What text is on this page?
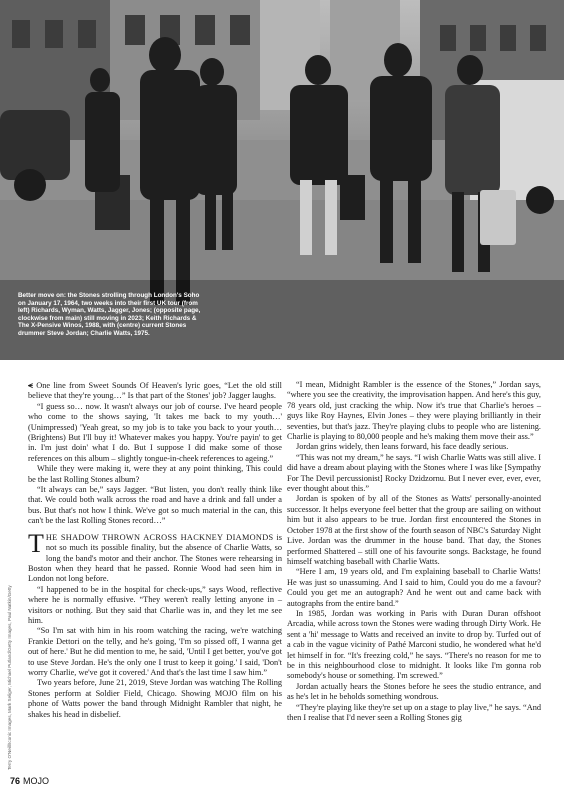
Better move on: the Stones strolling through London's Soho on January 17, 1964, two weeks into their first UK tour (from left) Richards, Wyman, Watts, Jagger, Jones; (opposite page, clockwise from main) still moving in 2023; Keith Richards & The X-Pensive Winos, 1988, with (centre) current Stones drummer Steve Jordan; Charlie Watts, 1975.
Terry O'Neill/Iconic Images, Mark Seliger, Michael Putland/Getty Images, Paul Natkin/Getty

⪪ One line from Sweet Sounds Of Heaven's lyric goes, “Let the old still believe that they're young…” Is that part of the Stones' job? Jagger laughs.

“I guess so… now. It wasn't always our job of course. I've heard people who come to the shows saying, 'It takes me back to my youth…' (Unimpressed) 'Yeah great, so my job is to take you back to your youth… (Brightens) But I'll buy it! Whatever makes you happy. You're payin' to get in. I'm just doin' what I do. But I suppose I did make some of those references on this album – slightly tongue-in-cheek references to ageing.”

While they were making it, were they at any point thinking, This could be the last Rolling Stones album?

“It always can be,” says Jagger. “But listen, you don't really think like that. We could both walk across the road and have a drink and fall under a bus. But that's not how I think. We've got so much material in the can, this can't be the last Rolling Stones record…”

THE SHADOW THROWN ACROSS HACKNEY DIAMONDS is not so much its possible finality, but the absence of Charlie Watts, so long the band's motor and their anchor. The Stones were rehearsing in Boston when they heard that he passed. Ronnie Wood had seen him in London not long before.

“I happened to be in the hospital for check-ups,” says Wood, reflective where he is normally effusive. “They weren't really letting anyone in – visitors or nothing. But they said that Charlie was in, and they let me see him.

“So I'm sat with him in his room watching the racing, we're watching Frankie Dettori on the telly, and he's going, 'I'm so pissed off, I wanna get out of here.' But he did mention to me, he said, 'Until I get better, you've got to use Steve Jordan. He's the only one I trust to keep it going.' I said, 'Don't worry Charlie, we've got it covered.' And that's the last time I saw him.”

Two years before, June 21, 2019, Steve Jordan was watching The Rolling Stones perform at Soldier Field, Chicago. Showing MOJO film on his phone of Watts power the band through Midnight Rambler that night, he shakes his head in disbelief.

“I mean, Midnight Rambler is the essence of the Stones,” Jordan says, “where you see the creativity, the improvisation happen. And here's this guy, 78 years old, just cracking the whip. Now it's true that Charlie's heroes – guys like Roy Haynes, Elvin Jones – they were playing brilliantly in their seventies, but that's jazz. They're playing clubs to people who are listening. Charlie is playing to 80,000 people and he's making them move their ass.”

Jordan grins widely, then leans forward, his face deadly serious.

“This was not my dream,” he says. “I wish Charlie Watts was still alive. I did have a dream about playing with the Stones where I was like [Sympathy For The Devil percussionist] Rocky Dzidzornu. But I never ever, ever, ever, ever thought about this.”

Jordan is spoken of by all of the Stones as Watts' personally-anointed successor. It helps everyone feel better that the group are sailing on without him but it also appears to be true. Jordan first encountered the Stones in October 1978 at the first show of the fourth season of NBC's Saturday Night Live. Jordan was the drummer in the house band. That day, the Stones performed Shattered – still one of his favourite songs. Backstage, he found himself watching baseball with Charlie Watts.

“Here I am, 19 years old, and I'm explaining baseball to Charlie Watts! He was just so unassuming. And I said to him, Could you do me a favour? Could you get me an autograph? And he went out and came back with autographs from the entire band.”

In 1985, Jordan was working in Paris with Duran Duran offshoot Arcadia, while across town the Stones were wading through Dirty Work. He sent a 'hi' message to Watts and received an invite to drop by. Turfed out of a cab in the vague vicinity of Pathé Marconi studio, he wondered what he'd let himself in for. “It's freezing cold,” he says. “There's no reason for me to be in this neighbourhood close to midnight. It looks like I'm gonna rob somebody's house or something. I'm screwed.”

Jordan actually hears the Stones before he sees the studio entrance, and as he's let in he beholds something wondrous.

“They're playing like they're set up on a stage to play live,” he says. “And then I realise that I'd never seen a Rolling Stones gig

76 MOJO
